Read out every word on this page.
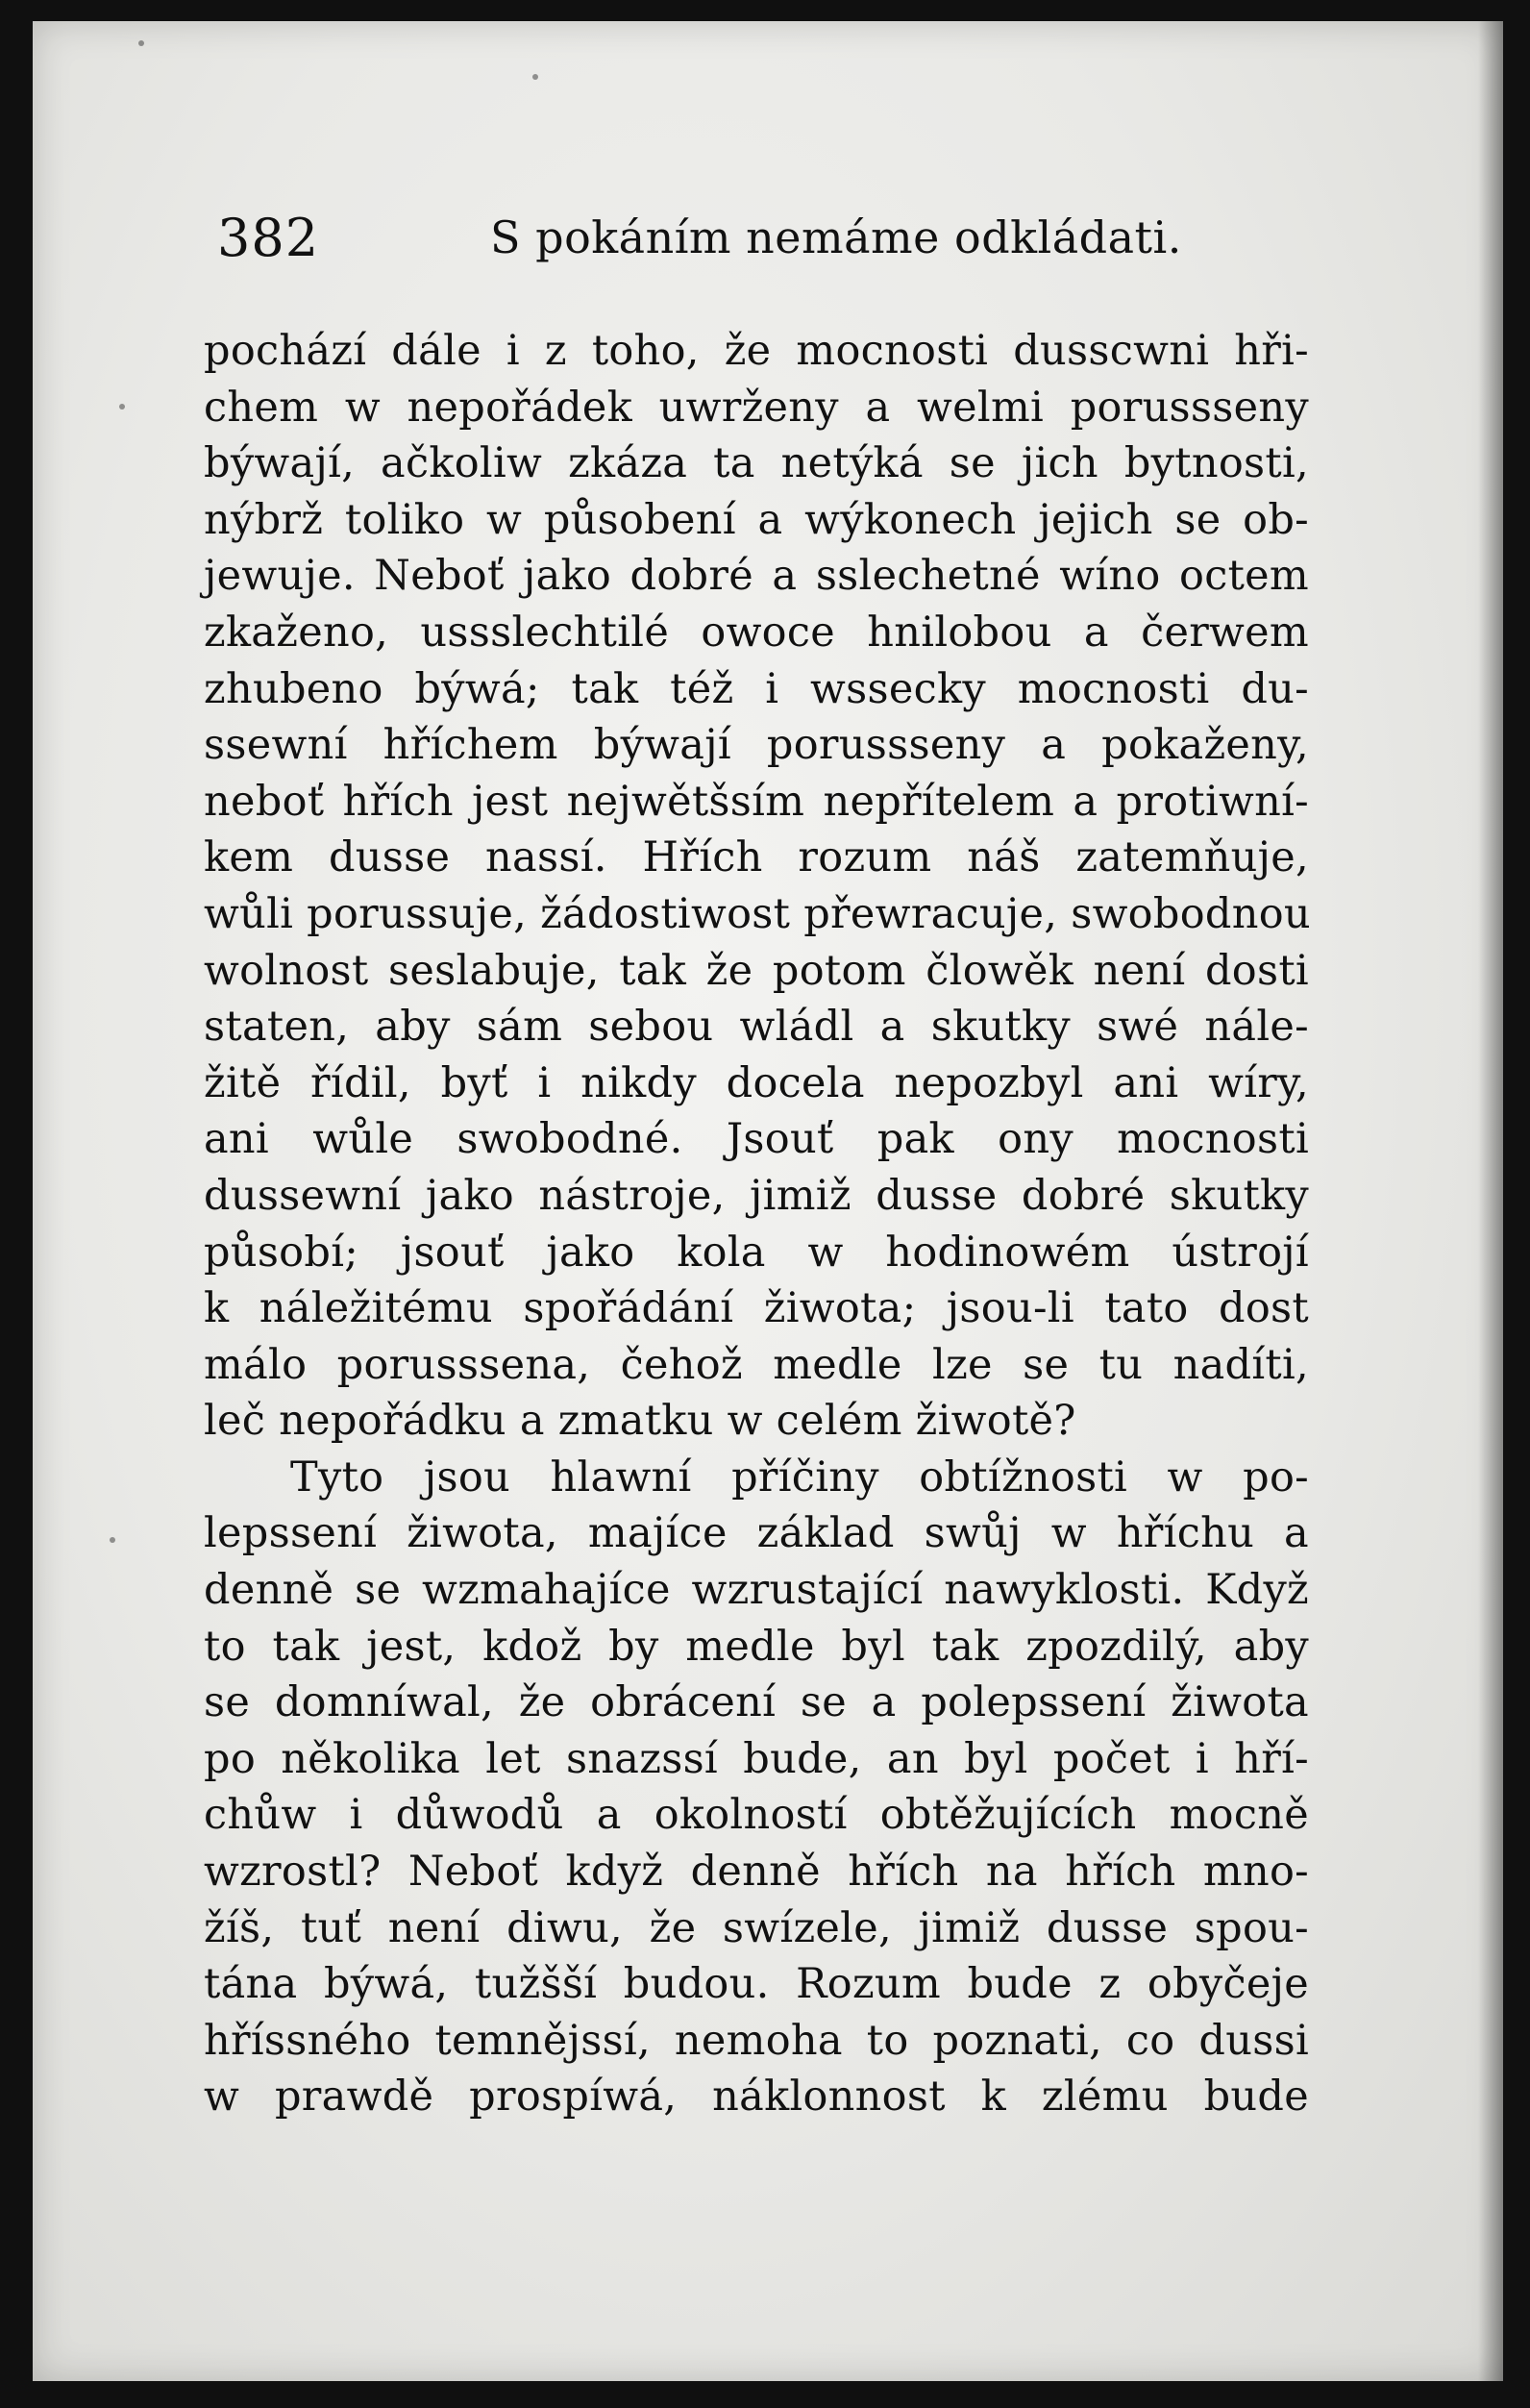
382	S pokáním nemáme odkládati.
pochází dále i z toho, že mocnosti dusscwni hři-
chem w nepořádek uwrženy a welmi porussseny
býwají, ačkoliw zkáza ta netýká se jich bytnosti,
nýbrž toliko w působení a wýkonech jejich se ob-
jewuje. Neboť jako dobré a sslechetné wíno octem
zkaženo, ussslechtilé owoce hnilobou a čerwem
zhubeno býwá; tak též i wssecky mocnosti du-
ssewní hříchem býwají porussseny a pokaženy,
neboť hřích jest nejwětšsím nepřítelem a protiwní-
kem dusse nassí. Hřích rozum náš zatemňuje,
wůli porussuje, žádostiwost přewracuje, swobodnou
wolnost seslabuje, tak že potom člowěk není dosti
staten, aby sám sebou wládl a skutky swé nále-
žitě řídil, byť i nikdy docela nepozbyl ani wíry,
ani wůle swobodné. Jsouť pak ony mocnosti
dussewní jako nástroje, jimiž dusse dobré skutky
působí; jsouť jako kola w hodinowém ústrojí
k náležitému spořádání žiwota; jsou-li tato dost
málo porusssena, čehož medle lze se tu nadíti,
leč nepořádku a zmatku w celém žiwotě?
Tyto jsou hlawní příčiny obtížnosti w po-
lepssení žiwota, majíce základ swůj w hříchu a
denně se wzmahajíce wzrustající nawyklosti. Když
to tak jest, kdož by medle byl tak zpozdilý, aby
se domníwal, že obrácení se a polepssení žiwota
po několika let snazssí bude, an byl počet i hří-
chůw i důwodů a okolností obtěžujících mocně
wzrostl? Neboť když denně hřích na hřích mno-
žíš, tuť není diwu, že swízele, jimiž dusse spou-
tána býwá, tužšší budou. Rozum bude z obyčeje
hříssného temnějssí, nemoha to poznati, co dussi
w prawdě prospíwá, náklonnost k zlému bude
